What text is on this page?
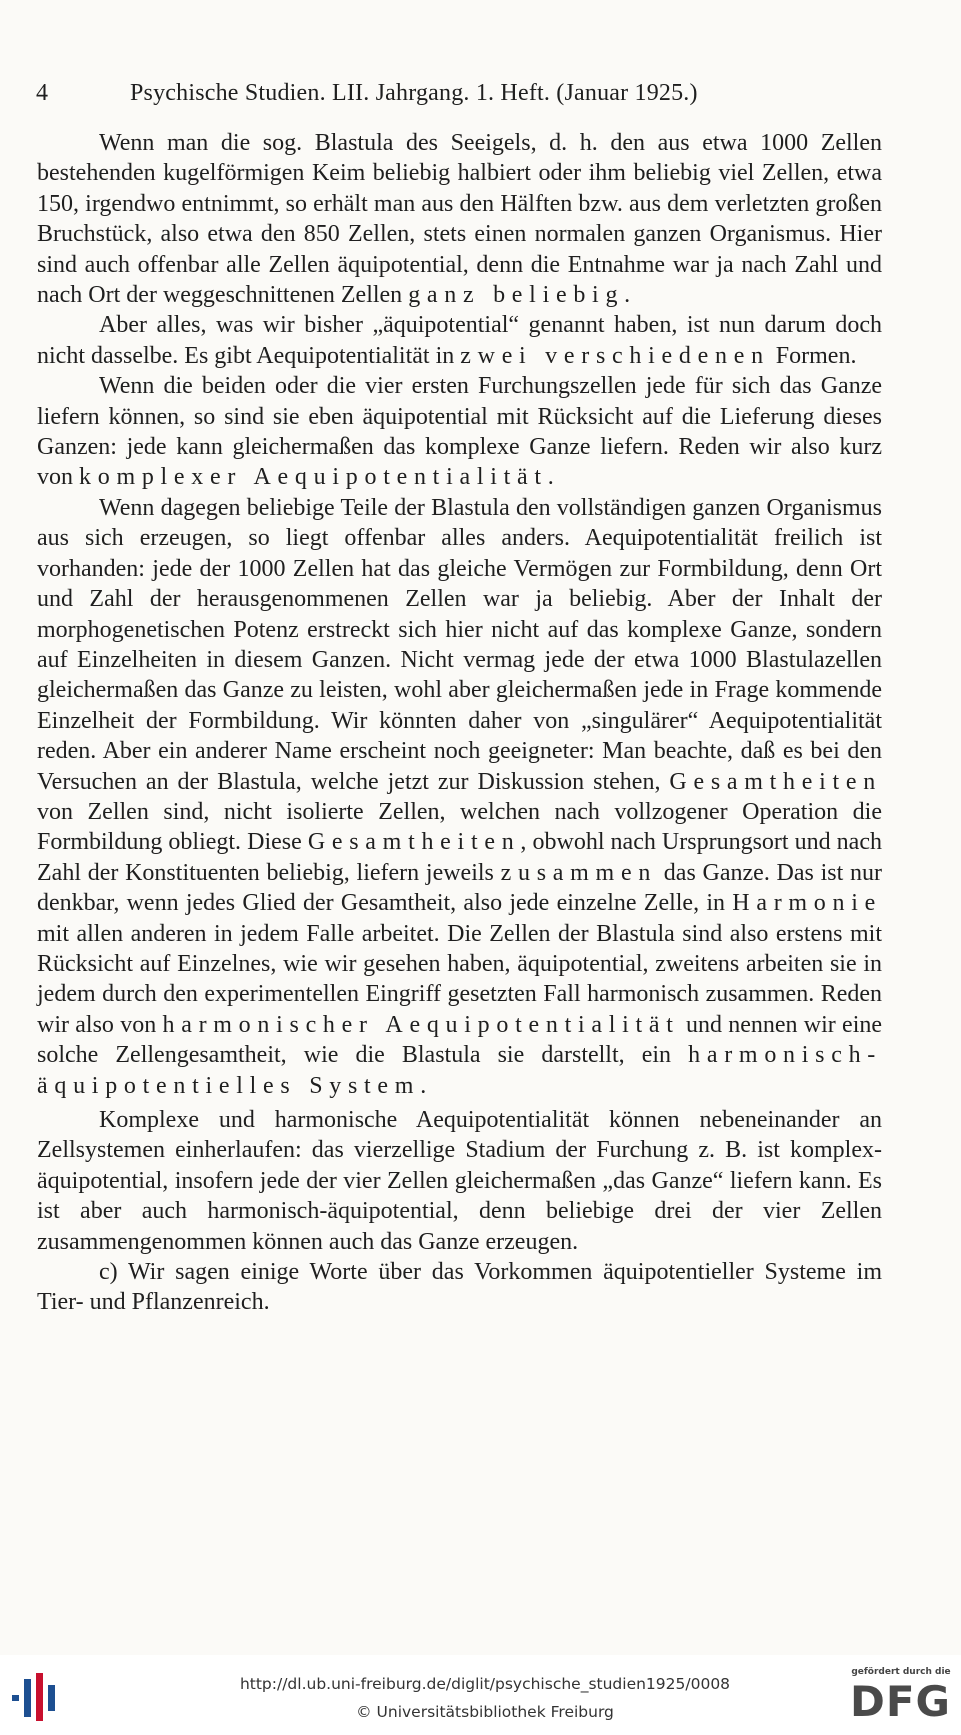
4	Psychische Studien. LII. Jahrgang. 1. Heft. (Januar 1925.)

Wenn man die sog. Blastula des Seeigels, d. h. den aus etwa 1000 Zellen bestehenden kugelförmigen Keim beliebig halbiert oder ihm beliebig viel Zellen, etwa 150, irgendwo entnimmt, so erhält man aus den Hälften bzw. aus dem verletzten großen Bruchstück, also etwa den 850 Zellen, stets einen normalen ganzen Organismus. Hier sind auch offenbar alle Zellen äquipotential, denn die Entnahme war ja nach Zahl und nach Ort der weggeschnittenen Zellen ganz beliebig.

Aber alles, was wir bisher „äquipotential“ genannt haben, ist nun darum doch nicht dasselbe. Es gibt Aequipotentialität in zwei verschiedenen Formen.

Wenn die beiden oder die vier ersten Furchungszellen jede für sich das Ganze liefern können, so sind sie eben äquipotential mit Rücksicht auf die Lieferung dieses Ganzen: jede kann gleichermaßen das komplexe Ganze liefern. Reden wir also kurz von komplexer Aequipotentialität.

Wenn dagegen beliebige Teile der Blastula den vollständigen ganzen Organismus aus sich erzeugen, so liegt offenbar alles anders. Aequipotentialität freilich ist vorhanden: jede der 1000 Zellen hat das gleiche Vermögen zur Formbildung, denn Ort und Zahl der herausgenommenen Zellen war ja beliebig. Aber der Inhalt der morphogenetischen Potenz erstreckt sich hier nicht auf das komplexe Ganze, sondern auf Einzelheiten in diesem Ganzen. Nicht vermag jede der etwa 1000 Blastulazellen gleichermaßen das Ganze zu leisten, wohl aber gleichermaßen jede in Frage kommende Einzelheit der Formbildung. Wir könnten daher von „singulärer“ Aequipotentialität reden. Aber ein anderer Name erscheint noch geeigneter: Man beachte, daß es bei den Versuchen an der Blastula, welche jetzt zur Diskussion stehen, Gesamtheiten von Zellen sind, nicht isolierte Zellen, welchen nach vollzogener Operation die Formbildung obliegt. Diese Gesamtheiten, obwohl nach Ursprungsort und nach Zahl der Konstituenten beliebig, liefern jeweils zusammen das Ganze. Das ist nur denkbar, wenn jedes Glied der Gesamtheit, also jede einzelne Zelle, in Harmonie mit allen anderen in jedem Falle arbeitet. Die Zellen der Blastula sind also erstens mit Rücksicht auf Einzelnes, wie wir gesehen haben, äquipotential, zweitens arbeiten sie in jedem durch den experimentellen Eingriff gesetzten Fall harmonisch zusammen. Reden wir also von harmonischer Aequipotentialität und nennen wir eine solche Zellengesamtheit, wie die Blastula sie darstellt, ein harmonisch-äquipotentielles System.

Komplexe und harmonische Aequipotentialität können nebeneinander an Zellsystemen einherlaufen: das vierzellige Stadium der Furchung z. B. ist komplex-äquipotential, insofern jede der vier Zellen gleichermaßen „das Ganze“ liefern kann. Es ist aber auch harmonisch-äquipotential, denn beliebige drei der vier Zellen zusammengenommen können auch das Ganze erzeugen.

c) Wir sagen einige Worte über das Vorkommen äquipotentieller Systeme im Tier- und Pflanzenreich.

http://dl.ub.uni-freiburg.de/diglit/psychische_studien1925/0008
© Universitätsbibliothek Freiburg
gefördert durch die
DFG
